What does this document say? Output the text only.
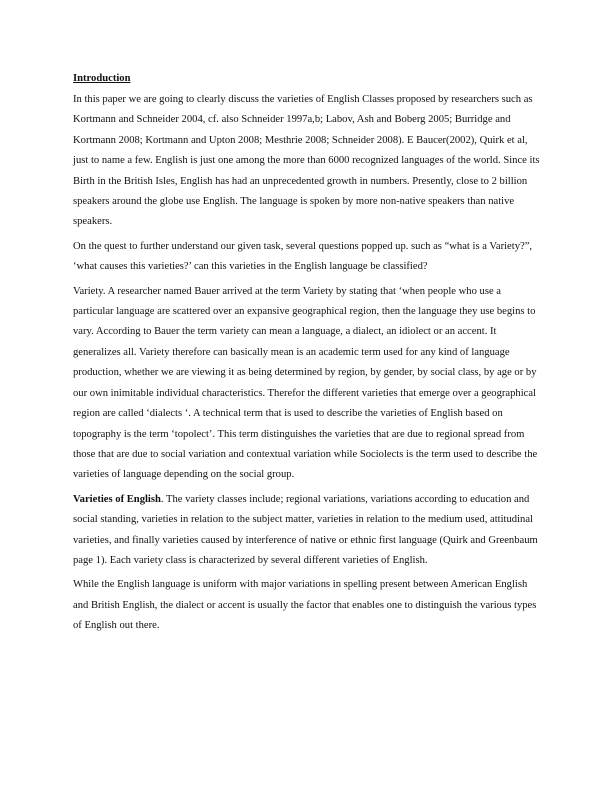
Introduction

In this paper we are going to clearly discuss the varieties of English Classes proposed by researchers such as Kortmann and Schneider 2004, cf. also Schneider 1997a,b; Labov, Ash and Boberg 2005; Burridge and Kortmann 2008; Kortmann and Upton 2008; Mesthrie 2008; Schneider 2008). E Baucer(2002), Quirk et al, just to name a few. English is just one among the more than 6000 recognized languages of the world. Since its Birth in the British Isles, English has had an unprecedented growth in numbers. Presently, close to 2 billion speakers around the globe use English. The language is spoken by more non-native speakers than native speakers.

On the quest to further understand our given task, several questions popped up. such as “what is a Variety?”, ‘what causes this varieties?’ can this varieties in the English language be classified?

Variety. A researcher named Bauer arrived at the term Variety by stating that ‘when people who use a particular language are scattered over an expansive geographical region, then the language they use begins to vary. According to Bauer the term variety can mean a language, a dialect, an idiolect or an accent. It generalizes all. Variety therefore can basically mean is an academic term used for any kind of language production, whether we are viewing it as being determined by region, by gender, by social class, by age or by our own inimitable individual characteristics. Therefor the different varieties that emerge over a geographical region are called ‘dialects ‘. A technical term that is used to describe the varieties of English based on topography is the term ‘topolect’. This term distinguishes the varieties that are due to regional spread from those that are due to social variation and contextual variation while Sociolects is the term used to describe the varieties of language depending on the social group.

Varieties of English. The variety classes include; regional variations, variations according to education and social standing, varieties in relation to the subject matter, varieties in relation to the medium used, attitudinal varieties, and finally varieties caused by interference of native or ethnic first language (Quirk and Greenbaum page 1). Each variety class is characterized by several different varieties of English.

While the English language is uniform with major variations in spelling present between American English and British English, the dialect or accent is usually the factor that enables one to distinguish the various types of English out there.
